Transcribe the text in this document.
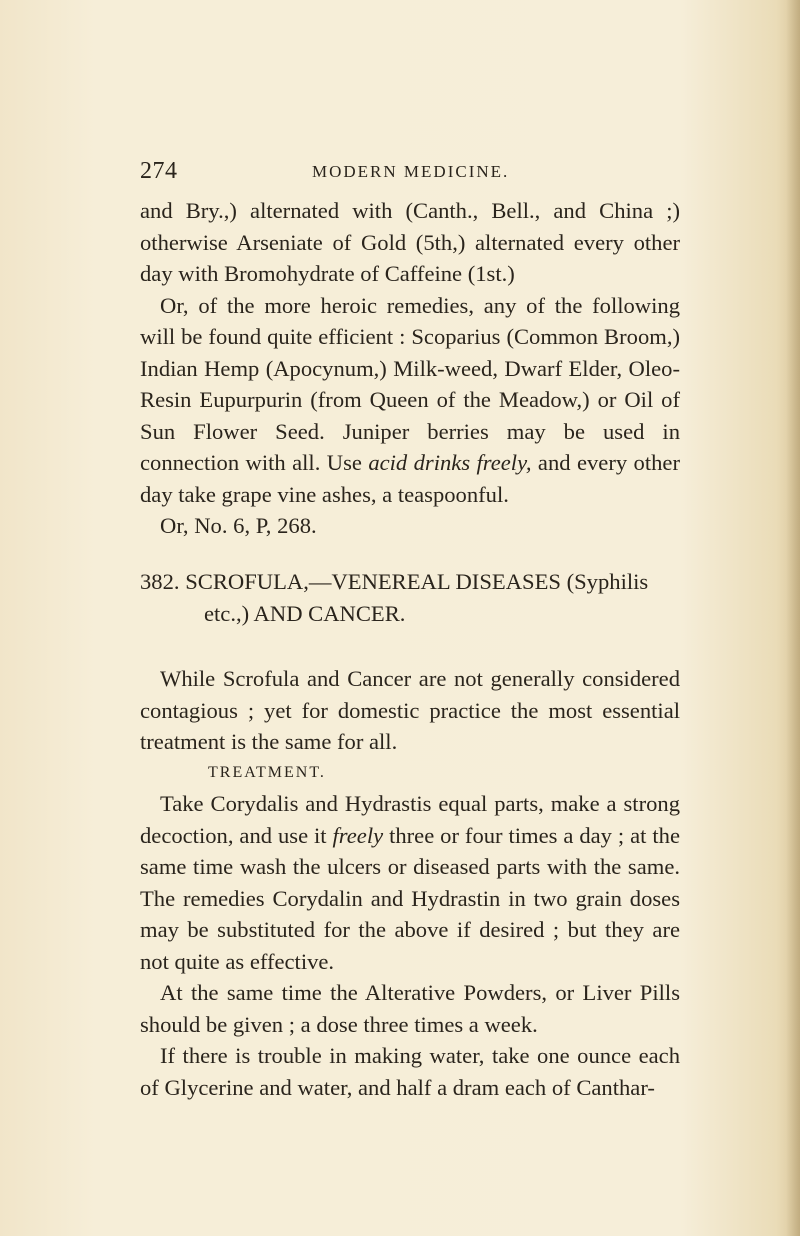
274	MODERN MEDICINE.

and Bry.,) alternated with (Canth., Bell., and China ;) otherwise Arseniate of Gold (5th,) alternated every other day with Bromohydrate of Caffeine (1st.)

Or, of the more heroic remedies, any of the following will be found quite efficient : Scoparius (Common Broom,) Indian Hemp (Apocynum,) Milk-weed, Dwarf Elder, Oleo-Resin Eupurpurin (from Queen of the Meadow,) or Oil of Sun Flower Seed. Juniper berries may be used in connection with all. Use acid drinks freely, and every other day take grape vine ashes, a teaspoonful.

Or, No. 6, P, 268.

382. SCROFULA,—VENEREAL DISEASES (Syphilis

etc.,) AND CANCER.

While Scrofula and Cancer are not generally considered contagious ; yet for domestic practice the most essential treatment is the same for all.

TREATMENT.

Take Corydalis and Hydrastis equal parts, make a strong decoction, and use it freely three or four times a day ; at the same time wash the ulcers or diseased parts with the same. The remedies Corydalin and Hydrastin in two grain doses may be substituted for the above if desired ; but they are not quite as effective.

At the same time the Alterative Powders, or Liver Pills should be given ; a dose three times a week.

If there is trouble in making water, take one ounce each of Glycerine and water, and half a dram each of Canthar-
